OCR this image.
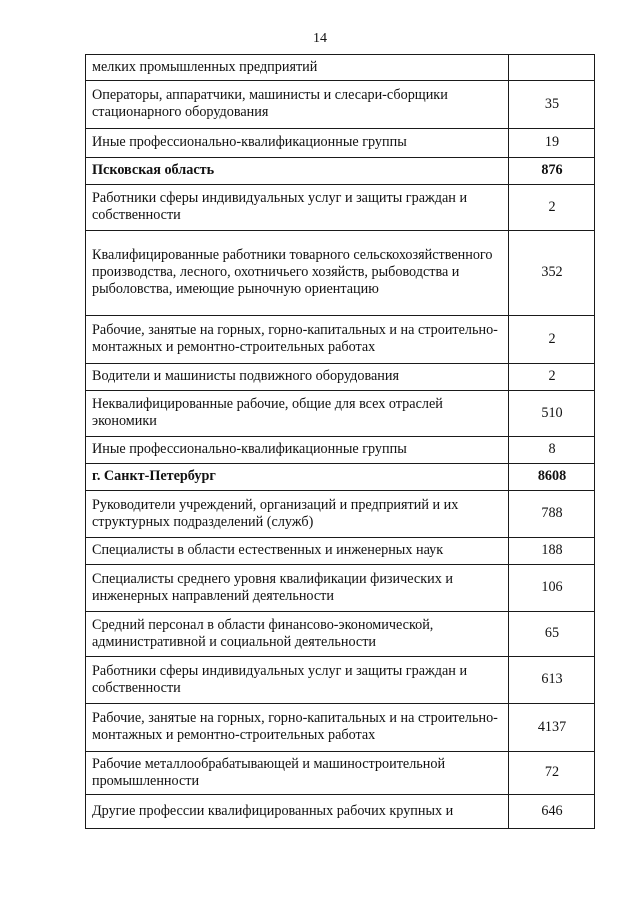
14
мелких промышленных предприятий	
Операторы, аппаратчики, машинисты и слесари-сборщики стационарного оборудования	35
Иные профессионально-квалификационные группы	19
Псковская область	876
Работники сферы индивидуальных услуг и защиты граждан и собственности	2
Квалифицированные работники товарного сельскохозяйственного производства, лесного, охотничьего хозяйств, рыбоводства и рыболовства, имеющие рыночную ориентацию	352
Рабочие, занятые на горных, горно-капитальных и на строительно-монтажных и ремонтно-строительных работах	2
Водители и машинисты подвижного оборудования	2
Неквалифицированные рабочие, общие для всех отраслей экономики	510
Иные профессионально-квалификационные группы	8
г. Санкт-Петербург	8608
Руководители учреждений, организаций и предприятий и их структурных подразделений (служб)	788
Специалисты в области естественных и инженерных наук	188
Специалисты среднего уровня квалификации физических и инженерных направлений деятельности	106
Средний персонал в области финансово-экономической, административной и социальной деятельности	65
Работники сферы индивидуальных услуг и защиты граждан и собственности	613
Рабочие, занятые на горных, горно-капитальных и на строительно-монтажных и ремонтно-строительных работах	4137
Рабочие металлообрабатывающей и машиностроительной промышленности	72
Другие профессии квалифицированных рабочих крупных и	646
